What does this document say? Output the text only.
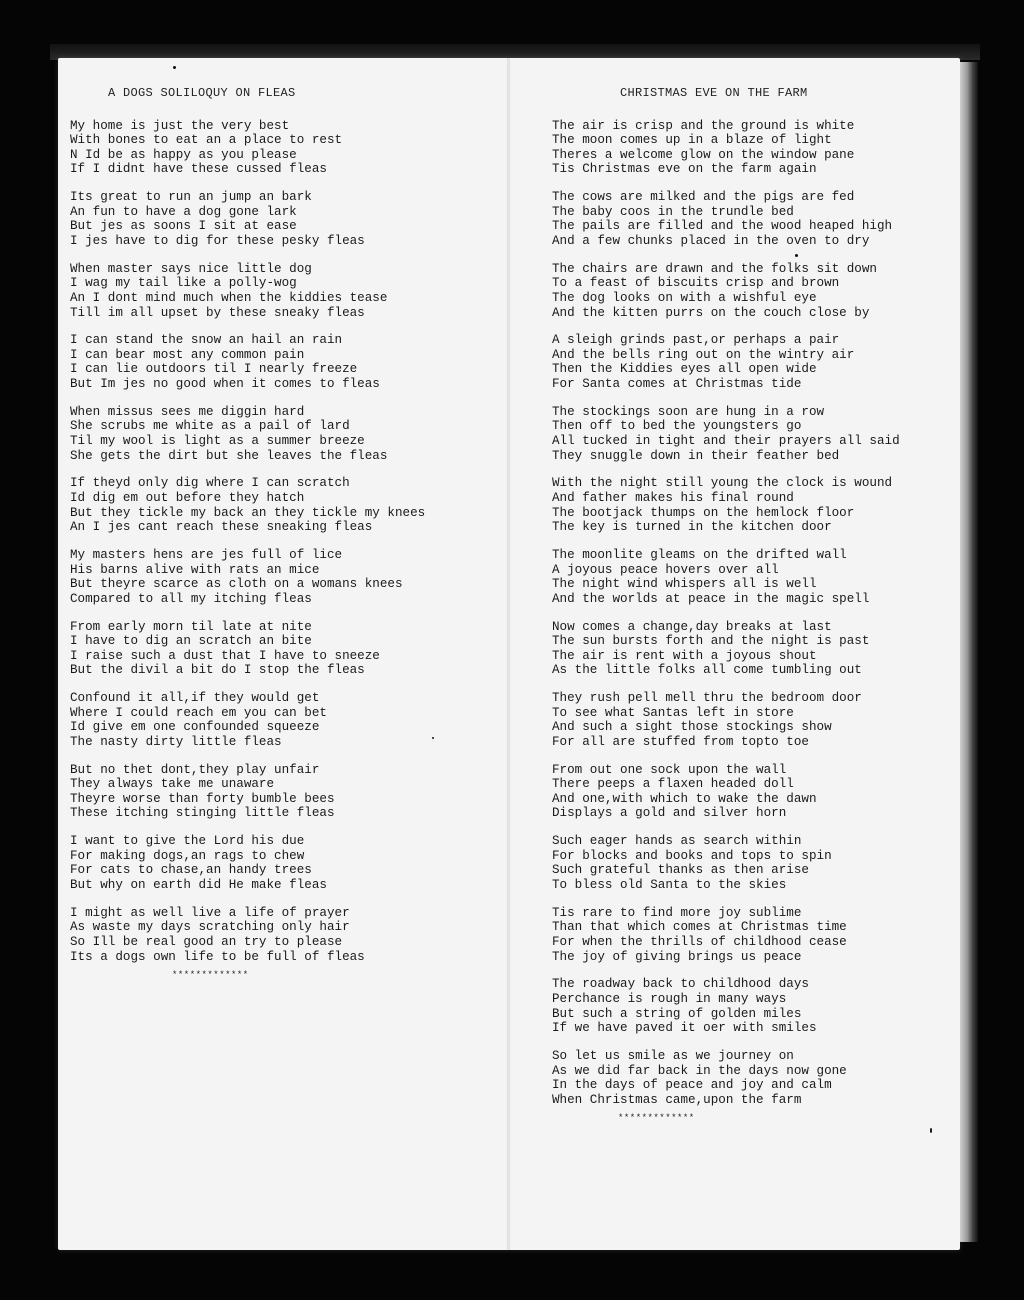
A DOGS SOLILOQUY ON FLEAS
My home is just the very best
With bones to eat an a place to rest
N Id be as happy as you please
If I didnt have these cussed fleas
Its great to run an jump an bark
An fun to have a dog gone lark
But jes as soons I sit at ease
I jes have to dig for these pesky fleas
When master says nice little dog
I wag my tail like a polly-wog
An I dont mind much when the kiddies tease
Till im all upset by these sneaky fleas
I can stand the snow an hail an rain
I can bear most any common pain
I can lie outdoors til I nearly freeze
But Im jes no good when it comes to fleas
When missus sees me diggin hard
She scrubs me white as a pail of lard
Til my wool is light as a summer breeze
She gets the dirt but she leaves the fleas
If theyd only dig where I can scratch
Id dig em out before they hatch
But they tickle my back an they tickle my knees
An I jes cant reach these sneaking fleas
My masters hens are jes full of lice
His barns alive with rats an mice
But theyre scarce as cloth on a womans knees
Compared to all my itching fleas
From early morn til late at nite
I have to dig an scratch an bite
I raise such a dust that I have to sneeze
But the divil a bit do I stop the fleas
Confound it all,if they would get
Where I could reach em you can bet
Id give em one confounded squeeze
The nasty dirty little fleas
But no thet dont,they play unfair
They always take me unaware
Theyre worse than forty bumble bees
These itching stinging little fleas
I want to give the Lord his due
For making dogs,an rags to chew
For cats to chase,an handy trees
But why on earth did He make fleas
I might as well live a life of prayer
As waste my days scratching only hair
So Ill be real good an try to please
Its a dogs own life to be full of fleas
*************
CHRISTMAS EVE ON THE FARM
The air is crisp and the ground is white
The moon comes up in a blaze of light
Theres a welcome glow on the window pane
Tis Christmas eve on the farm again
The cows are milked and the pigs are fed
The baby coos in the trundle bed
The pails are filled and the wood heaped high
And a few chunks placed in the oven to dry
The chairs are drawn and the folks sit down
To a feast of biscuits crisp and brown
The dog looks on with a wishful eye
And the kitten purrs on the couch close by
A sleigh grinds past,or perhaps a pair
And the bells ring out on the wintry air
Then the Kiddies eyes all open wide
For Santa comes at Christmas tide
The stockings soon are hung in a row
Then off to bed the youngsters go
All tucked in tight and their prayers all said
They snuggle down in their feather bed
With the night still young the clock is wound
And father makes his final round
The bootjack thumps on the hemlock floor
The key is turned in the kitchen door
The moonlite gleams on the drifted wall
A joyous peace hovers over all
The night wind whispers all is well
And the worlds at peace in the magic spell
Now comes a change,day breaks at last
The sun bursts forth and the night is past
The air is rent with a joyous shout
As the little folks all come tumbling out
They rush pell mell thru the bedroom door
To see what Santas left in store
And such a sight those stockings show
For all are stuffed from topto toe
From out one sock upon the wall
There peeps a flaxen headed doll
And one,with which to wake the dawn
Displays a gold and silver horn
Such eager hands as search within
For blocks and books and tops to spin
Such grateful thanks as then arise
To bless old Santa to the skies
Tis rare to find more joy sublime
Than that which comes at Christmas time
For when the thrills of childhood cease
The joy of giving brings us peace
The roadway back to childhood days
Perchance is rough in many ways
But such a string of golden miles
If we have paved it oer with smiles
So let us smile as we journey on
As we did far back in the days now gone
In the days of peace and joy and calm
When Christmas came,upon the farm
*************
